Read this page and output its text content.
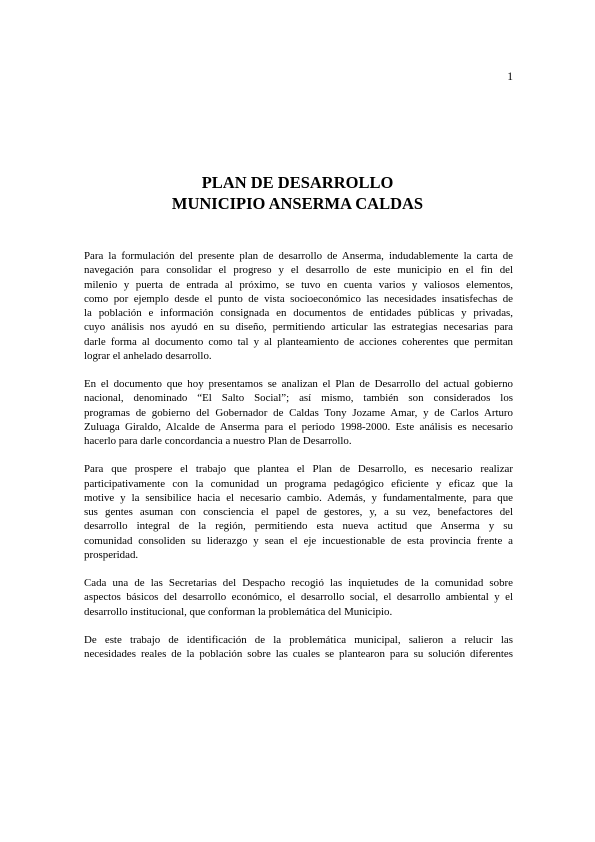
1
PLAN DE DESARROLLO
MUNICIPIO ANSERMA CALDAS
Para la formulación del presente plan de desarrollo de Anserma, indudablemente la carta de
navegación para consolidar el progreso y el desarrollo de este municipio en el fin del
milenio y puerta de entrada al próximo, se tuvo en cuenta varios y valiosos elementos,
como por ejemplo desde el punto de vista socioeconómico las necesidades insatisfechas de
la población e información consignada en documentos de entidades públicas y privadas,
cuyo análisis nos ayudó en su diseño, permitiendo articular las estrategias necesarias para
darle forma al documento como tal y al planteamiento de acciones coherentes que permitan
lograr el anhelado desarrollo.
En el documento que hoy presentamos se analizan el Plan de Desarrollo del actual gobierno
nacional, denominado “El Salto Social”; así mismo, también son considerados los
programas de gobierno del Gobernador de Caldas Tony Jozame Amar, y de Carlos Arturo
Zuluaga Giraldo, Alcalde de Anserma para el periodo 1998-2000. Este análisis es necesario
hacerlo para darle concordancia a nuestro Plan de Desarrollo.
Para que prospere el trabajo que plantea el Plan de Desarrollo, es necesario realizar
participativamente con la comunidad un programa pedagógico eficiente y eficaz que la
motive y la sensibilice hacia el necesario cambio. Además, y fundamentalmente, para que
sus gentes asuman con consciencia el papel de gestores, y, a su vez, benefactores del
desarrollo integral de la región, permitiendo esta nueva actitud que Anserma y su
comunidad consoliden su liderazgo y sean el eje incuestionable de esta provincia frente a
prosperidad.
Cada una de las Secretarias del Despacho recogió las inquietudes de la comunidad sobre
aspectos básicos del desarrollo económico, el desarrollo social, el desarrollo ambiental y el
desarrollo institucional, que conforman la problemática del Municipio.
De este trabajo de identificación de la problemática municipal, salieron a relucir las
necesidades reales de la población sobre las cuales se plantearon para su solución diferentes
